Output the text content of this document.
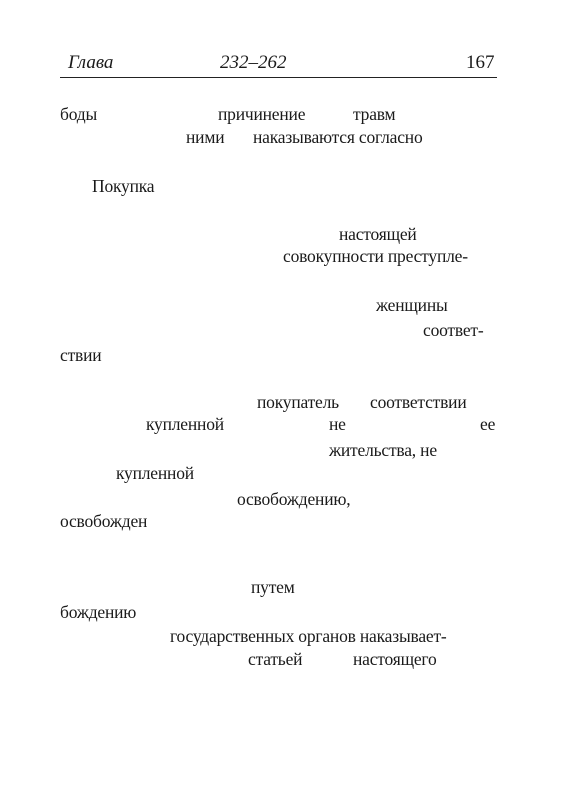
Глава	232–262	167
боды	причинение	травм
ними наказываются согласно
Покупка
настоящей
совокупности преступле-
женщины
соответ-
ствии
покупатель соответствии
купленной	не	ее
жительства, не
купленной
освобождению,
освобожден
путем
бождению
государственных органов наказывает-
статьей	настоящего
